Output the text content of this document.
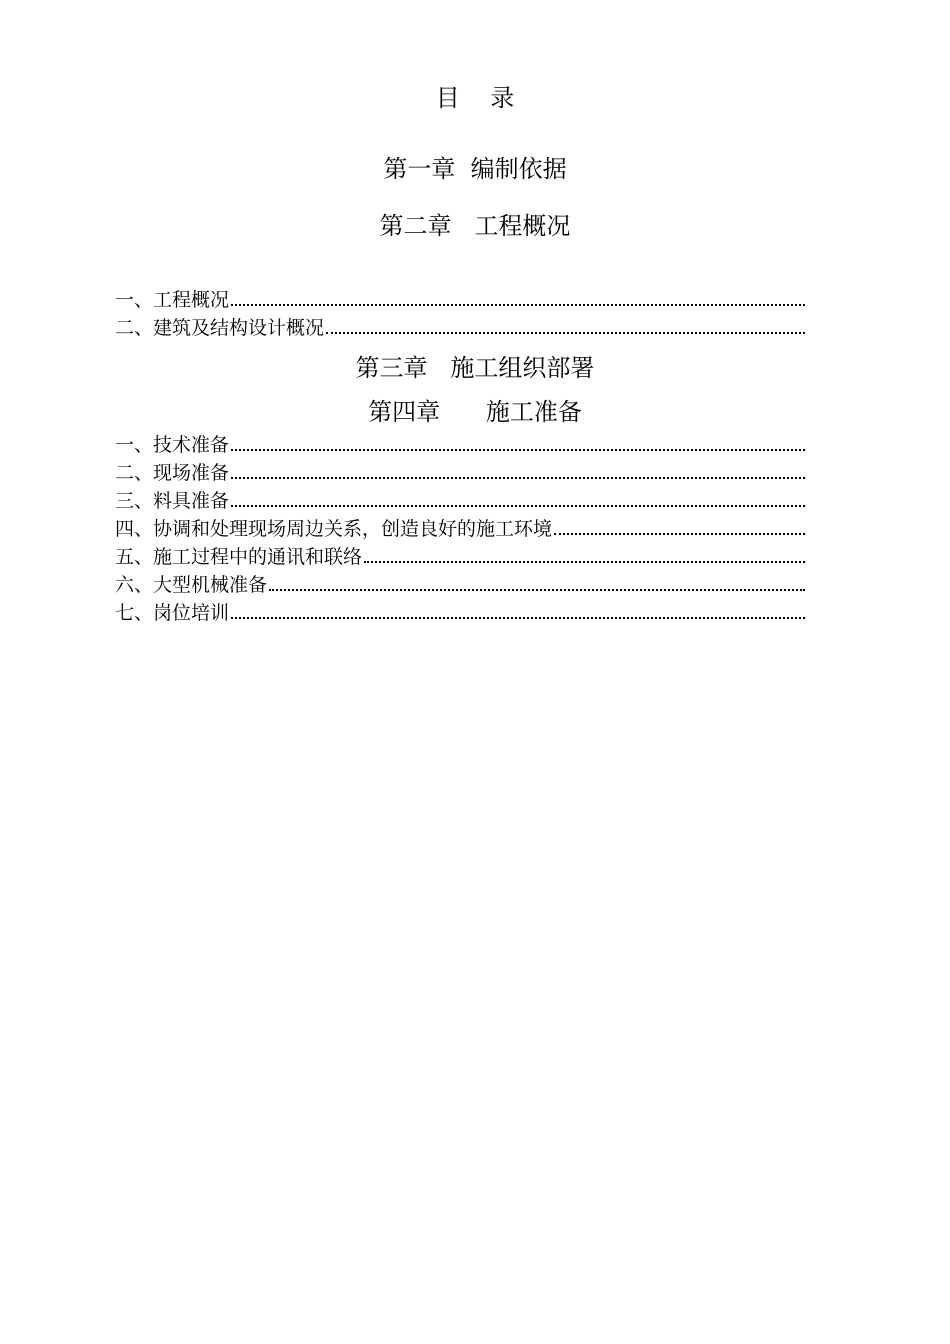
目    录
第一章  编制依据
第二章   工程概况
一、工程概况
二、建筑及结构设计概况
第三章   施工组织部署
第四章      施工准备
一、技术准备
二、现场准备
三、料具准备
四、协调和处理现场周边关系，创造良好的施工环境
五、施工过程中的通讯和联络
六、大型机械准备
七、岗位培训
